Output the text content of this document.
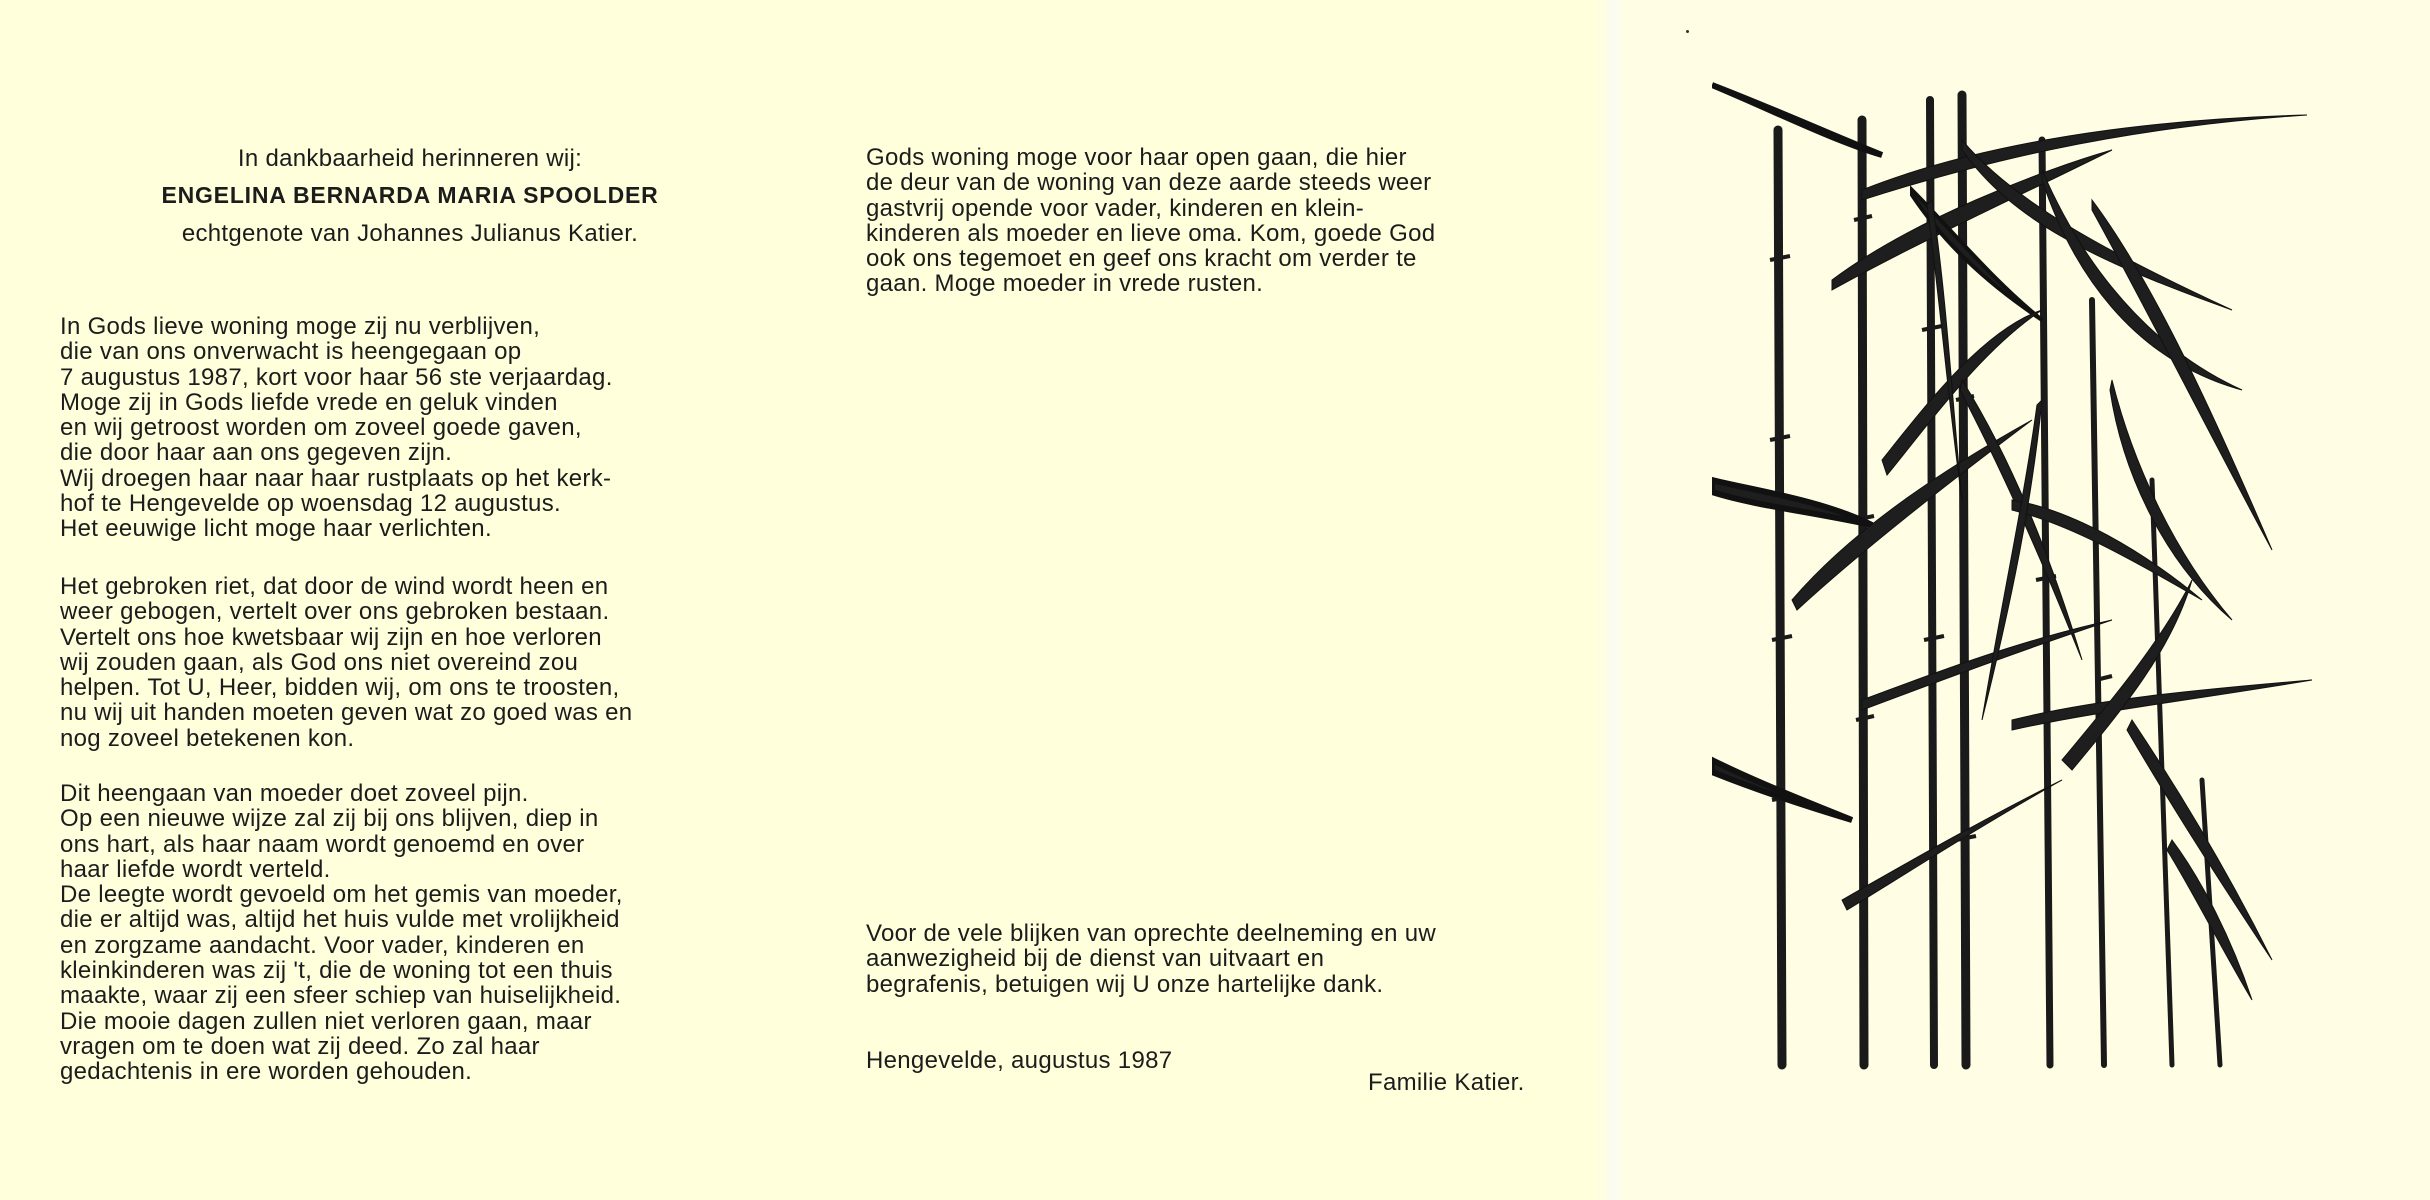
In dankbaarheid herinneren wij:
ENGELINA BERNARDA MARIA SPOOLDER
echtgenote van Johannes Julianus Katier.
In Gods lieve woning moge zij nu verblijven,
die van ons onverwacht is heengegaan op
7 augustus 1987, kort voor haar 56 ste verjaardag.
Moge zij in Gods liefde vrede en geluk vinden
en wij getroost worden om zoveel goede gaven,
die door haar aan ons gegeven zijn.
Wij droegen haar naar haar rustplaats op het kerk-
hof te Hengevelde op woensdag 12 augustus.
Het eeuwige licht moge haar verlichten.
Het gebroken riet, dat door de wind wordt heen en
weer gebogen, vertelt over ons gebroken bestaan.
Vertelt ons hoe kwetsbaar wij zijn en hoe verloren
wij zouden gaan, als God ons niet overeind zou
helpen. Tot U, Heer, bidden wij, om ons te troosten,
nu wij uit handen moeten geven wat zo goed was en
nog zoveel betekenen kon.
Dit heengaan van moeder doet zoveel pijn.
Op een nieuwe wijze zal zij bij ons blijven, diep in
ons hart, als haar naam wordt genoemd en over
haar liefde wordt verteld.
De leegte wordt gevoeld om het gemis van moeder,
die er altijd was, altijd het huis vulde met vrolijkheid
en zorgzame aandacht. Voor vader, kinderen en
kleinkinderen was zij 't, die de woning tot een thuis
maakte, waar zij een sfeer schiep van huiselijkheid.
Die mooie dagen zullen niet verloren gaan, maar
vragen om te doen wat zij deed. Zo zal haar
gedachtenis in ere worden gehouden.
Gods woning moge voor haar open gaan, die hier
de deur van de woning van deze aarde steeds weer
gastvrij opende voor vader, kinderen en klein-
kinderen als moeder en lieve oma. Kom, goede God
ook ons tegemoet en geef ons kracht om verder te
gaan. Moge moeder in vrede rusten.
Voor de vele blijken van oprechte deelneming en uw
aanwezigheid bij de dienst van uitvaart en
begrafenis, betuigen wij U onze hartelijke dank.
Hengevelde, augustus 1987
Familie Katier.
